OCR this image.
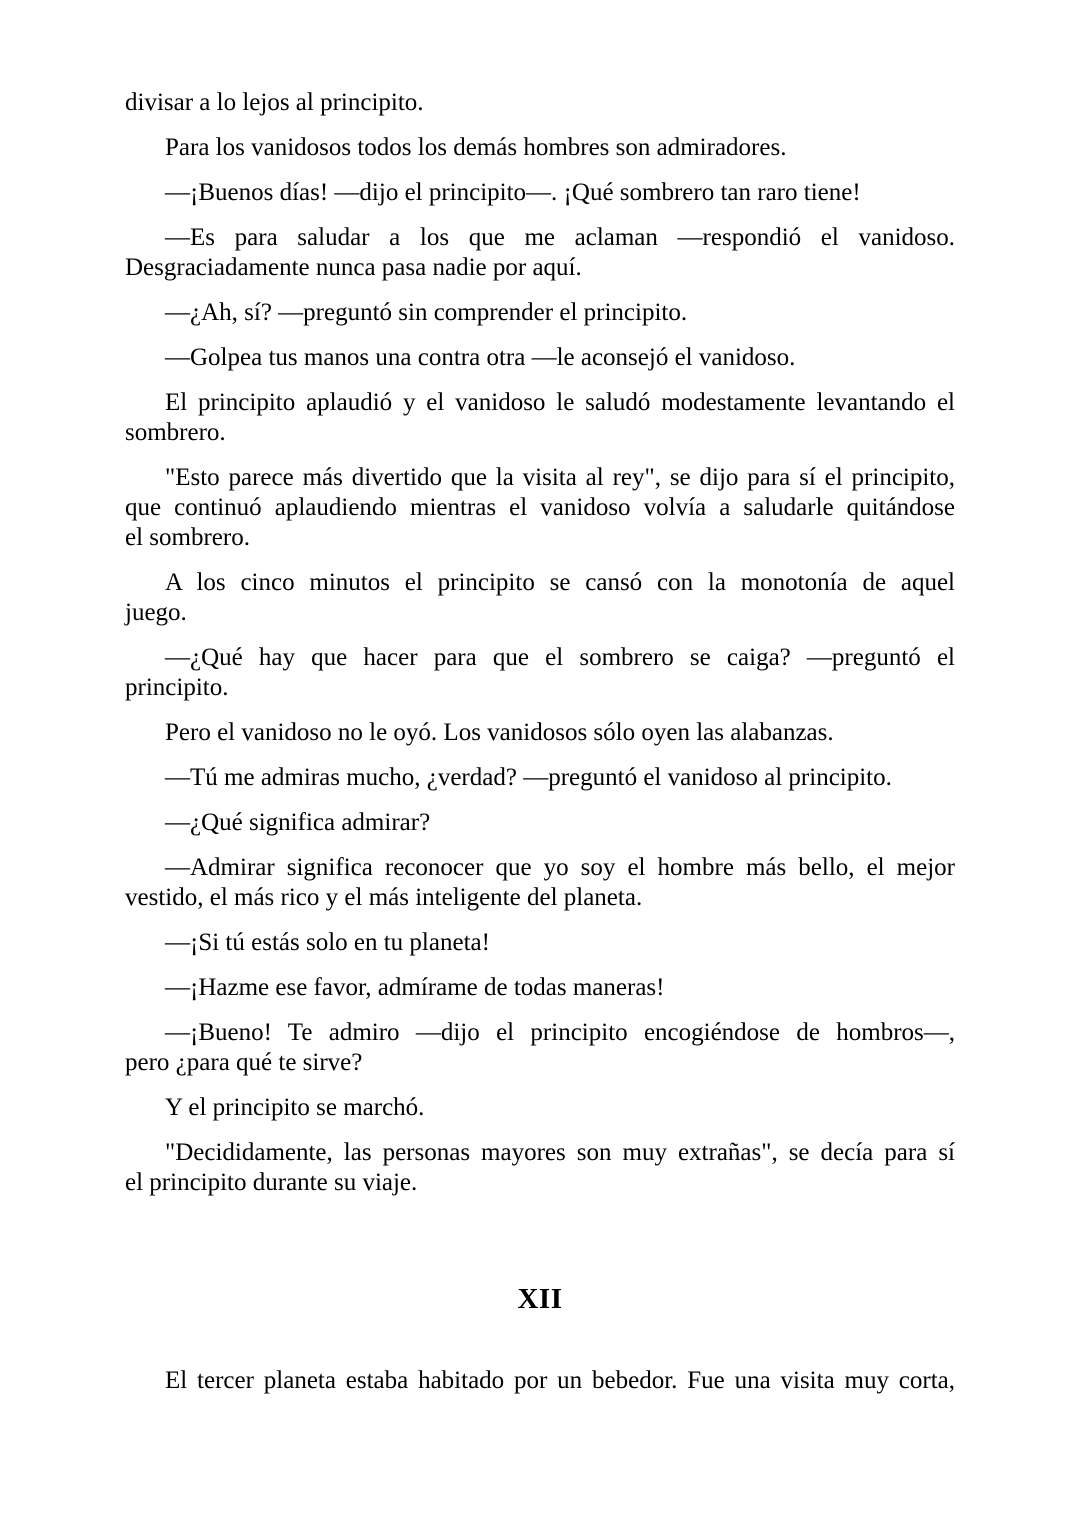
divisar a lo lejos al principito.
Para los vanidosos todos los demás hombres son admiradores.
—¡Buenos días! —dijo el principito—. ¡Qué sombrero tan raro tiene!
—Es para saludar a los que me aclaman —respondió el vanidoso.
Desgraciadamente nunca pasa nadie por aquí.
—¿Ah, sí? —preguntó sin comprender el principito.
—Golpea tus manos una contra otra —le aconsejó el vanidoso.
El principito aplaudió y el vanidoso le saludó modestamente levantando el
sombrero.
"Esto parece más divertido que la visita al rey", se dijo para sí el principito,
que continuó aplaudiendo mientras el vanidoso volvía a saludarle quitándose
el sombrero.
A los cinco minutos el principito se cansó con la monotonía de aquel
juego.
—¿Qué hay que hacer para que el sombrero se caiga? —preguntó el
principito.
Pero el vanidoso no le oyó. Los vanidosos sólo oyen las alabanzas.
—Tú me admiras mucho, ¿verdad? —preguntó el vanidoso al principito.
—¿Qué significa admirar?
—Admirar significa reconocer que yo soy el hombre más bello, el mejor
vestido, el más rico y el más inteligente del planeta.
—¡Si tú estás solo en tu planeta!
—¡Hazme ese favor, admírame de todas maneras!
—¡Bueno! Te admiro —dijo el principito encogiéndose de hombros—,
pero ¿para qué te sirve?
Y el principito se marchó.
"Decididamente, las personas mayores son muy extrañas", se decía para sí
el principito durante su viaje.
XII
El tercer planeta estaba habitado por un bebedor. Fue una visita muy corta,
